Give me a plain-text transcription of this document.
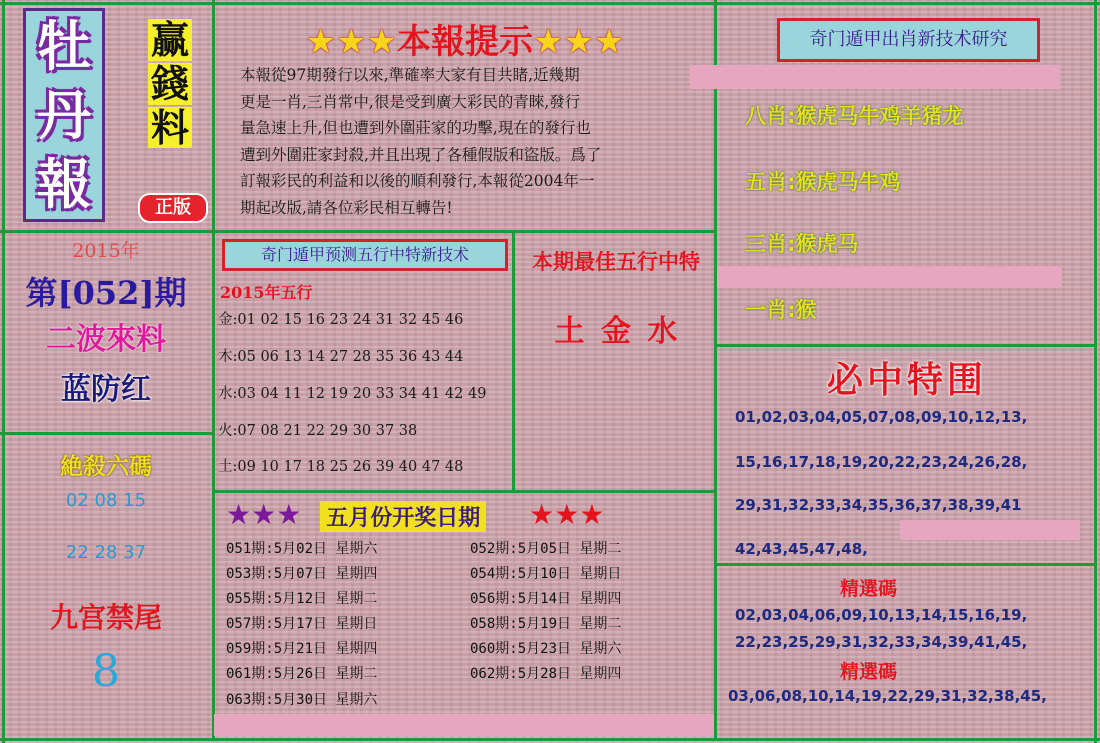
牡
丹
報
赢
錢
料
正版
2015年
第[052]期
二波來料
蓝防红
絶殺六碼
02 08 15
22 28 37
九宫禁尾
8
★★★本報提示★★★
本報從97期發行以來,準確率大家有目共睹,近幾期
更是一肖,三肖常中,很是受到廣大彩民的青睞,發行
量急速上升,但也遭到外圍莊家的功擊,現在的發行也
遭到外圍莊家封殺,并且出現了各種假版和盜版。爲了
訂報彩民的利益和以後的順利發行,本報從2004年一
期起改版,請各位彩民相互轉告!
奇门遁甲出肖新技术研究
八肖:猴虎马牛鸡羊猪龙
五肖:猴虎马牛鸡
三肖:猴虎马
一肖:猴
奇门遁甲预测五行中特新技术
2015年五行
金:01 02 15 16 23 24 31 32 45 46
木:05 06 13 14 27 28 35 36 43 44
水:03 04 11 12 19 20 33 34 41 42 49
火:07 08 21 22 29 30 37 38
土:09 10 17 18 25 26 39 40 47 48
本期最佳五行中特
土 金 水
★★★ 五月份开奖日期 ★★★
051期:5月02日 星期六	052期:5月05日 星期二
053期:5月07日 星期四	054期:5月10日 星期日
055期:5月12日 星期二	056期:5月14日 星期四
057期:5月17日 星期日	058期:5月19日 星期二
059期:5月21日 星期四	060期:5月23日 星期六
061期:5月26日 星期二	062期:5月28日 星期四
063期:5月30日 星期六
必中特围
01,02,03,04,05,07,08,09,10,12,13,
15,16,17,18,19,20,22,23,24,26,28,
29,31,32,33,34,35,36,37,38,39,41
42,43,45,47,48,
精選碼
02,03,04,06,09,10,13,14,15,16,19,
22,23,25,29,31,32,33,34,39,41,45,
精選碼
03,06,08,10,14,19,22,29,31,32,38,45,
